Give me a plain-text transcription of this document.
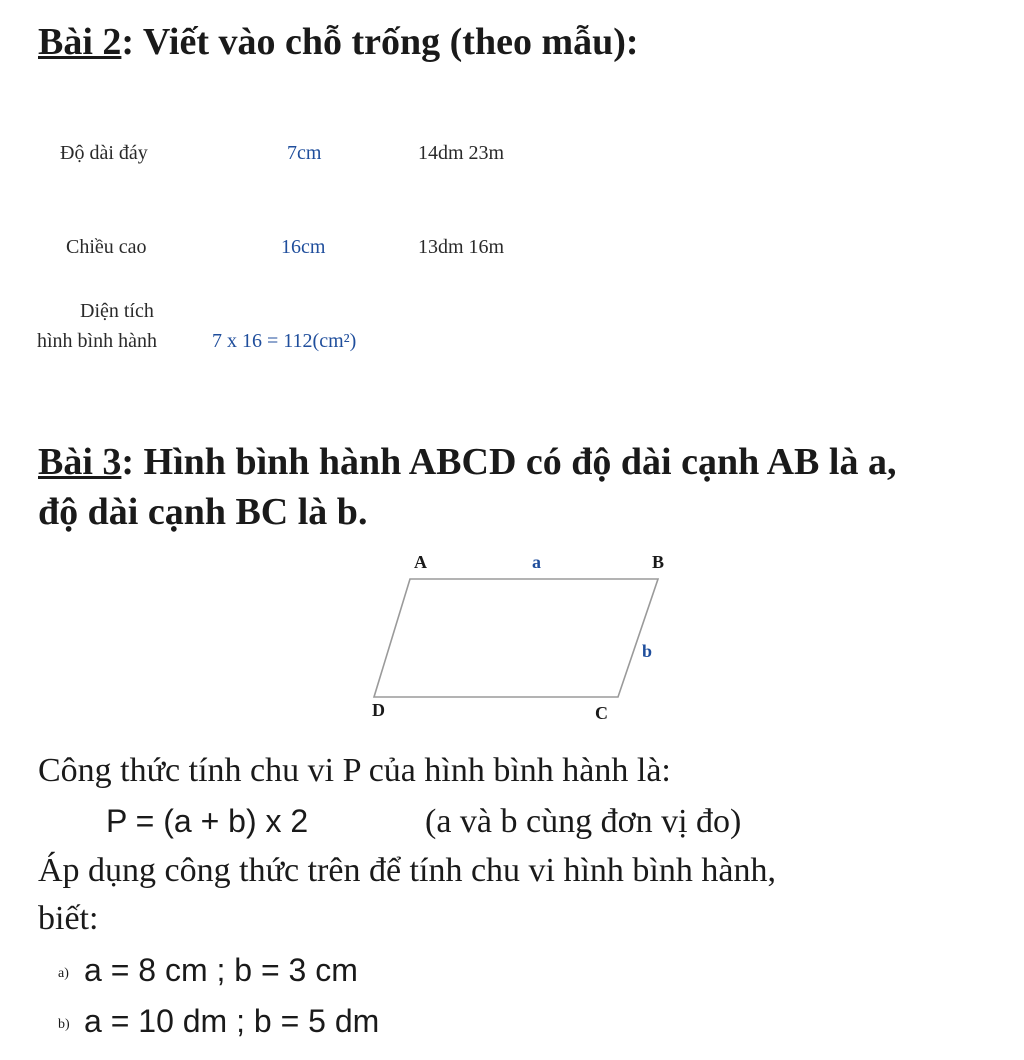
Bài 2: Viết vào chỗ trống (theo mẫu):
Độ dài đáy	7cm	14dm 23m
Chiều cao	16cm	13dm 16m
Diện tích
hình bình hành	7 x 16 = 112(cm²)
Bài 3: Hình bình hành ABCD có độ dài cạnh AB là a,
độ dài cạnh BC là b.
A	B
C
D
a
b
Công thức tính chu vi P của hình bình hành là:
P = (a + b) x 2	(a và b cùng đơn vị đo)
Áp dụng công thức trên để tính chu vi hình bình hành,
biết:
a) a = 8 cm ; b = 3 cm
b) a = 10 dm ; b = 5 dm
